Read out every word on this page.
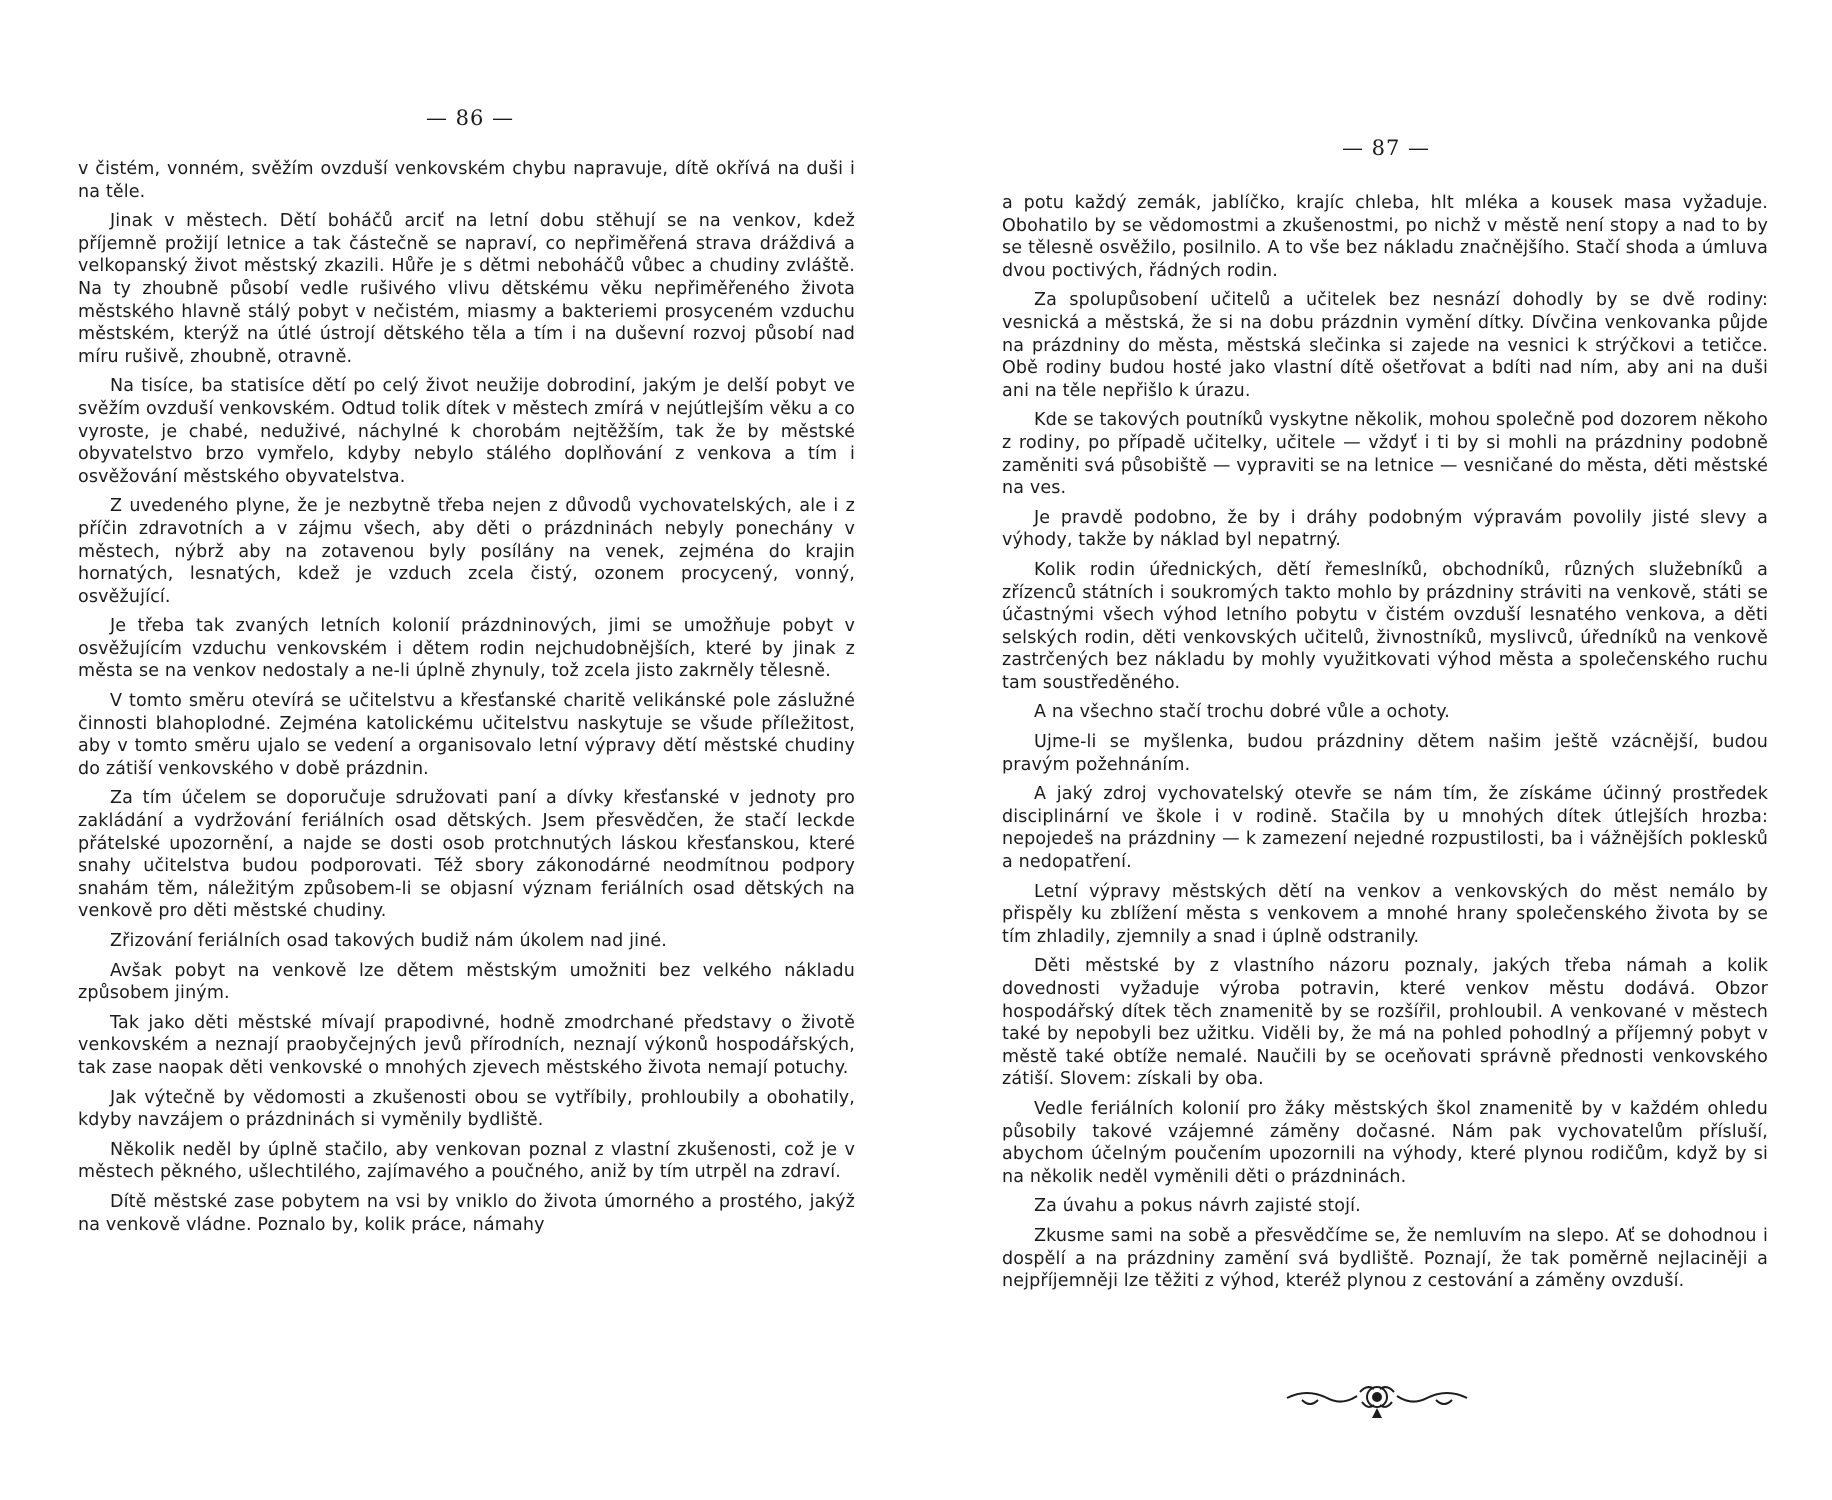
— 86 —

v čistém, vonném, svěžím ovzduší venkovském chybu napravuje, dítě okřívá na duši i na těle.

Jinak v městech. Dětí boháčů arciť na letní dobu stěhují se na venkov, kdež příjemně prožijí letnice a tak částečně se napraví, co nepřiměřená strava dráždivá a velkopanský život městský zkazili. Hůře je s dětmi neboháčů vůbec a chudiny zvláště. Na ty zhoubně působí vedle rušivého vlivu dětskému věku nepřiměřeného života městského hlavně stálý pobyt v nečistém, miasmy a bakteriemi prosyceném vzduchu městském, kterýž na útlé ústrojí dětského těla a tím i na duševní rozvoj působí nad míru rušivě, zhoubně, otravně.

Na tisíce, ba statisíce dětí po celý život neužije dobrodiní, jakým je delší pobyt ve svěžím ovzduší venkovském. Odtud tolik dítek v městech zmírá v nejútlejším věku a co vyroste, je chabé, neduživé, náchylné k chorobám nejtěžším, tak že by městské obyvatelstvo brzo vymřelo, kdyby nebylo stálého doplňování z venkova a tím i osvěžování městského obyvatelstva.

Z uvedeného plyne, že je nezbytně třeba nejen z důvodů vychovatelských, ale i z příčin zdravotních a v zájmu všech, aby děti o prázdninách nebyly ponechány v městech, nýbrž aby na zotavenou byly posílány na venek, zejména do krajin hornatých, lesnatých, kdež je vzduch zcela čistý, ozonem procycený, vonný, osvěžující.

Je třeba tak zvaných letních kolonií prázdninových, jimi se umožňuje pobyt v osvěžujícím vzduchu venkovském i dětem rodin nejchudobnějších, které by jinak z města se na venkov nedostaly a ne-li úplně zhynuly, tož zcela jisto zakrněly tělesně.

V tomto směru otevírá se učitelstvu a křesťanské charitě velikánské pole záslužné činnosti blahoplodné. Zejména katolickému učitelstvu naskytuje se všude příležitost, aby v tomto směru ujalo se vedení a organisovalo letní výpravy dětí městské chudiny do zátiší venkovského v době prázdnin.

Za tím účelem se doporučuje sdružovati paní a dívky křesťanské v jednoty pro zakládání a vydržování feriálních osad dětských. Jsem přesvědčen, že stačí leckde přátelské upozornění, a najde se dosti osob protchnutých láskou křesťanskou, které snahy učitelstva budou podporovati. Též sbory zákonodárné neodmítnou podpory snahám těm, náležitým způsobem-li se objasní význam feriálních osad dětských na venkově pro děti městské chudiny.

Zřizování feriálních osad takových budiž nám úkolem nad jiné.

Avšak pobyt na venkově lze dětem městským umožniti bez velkého nákladu způsobem jiným.

Tak jako děti městské mívají prapodivné, hodně zmodrchané představy o životě venkovském a neznají praobyčejných jevů přírodních, neznají výkonů hospodářských, tak zase naopak děti venkovské o mnohých zjevech městského života nemají potuchy.

Jak výtečně by vědomosti a zkušenosti obou se vytříbily, prohloubily a obohatily, kdyby navzájem o prázdninách si vyměnily bydliště.

Několik neděl by úplně stačilo, aby venkovan poznal z vlastní zkušenosti, což je v městech pěkného, ušlechtilého, zajímavého a poučného, aniž by tím utrpěl na zdraví.

Dítě městské zase pobytem na vsi by vniklo do života úmorného a prostého, jakýž na venkově vládne. Poznalo by, kolik práce, námahy

— 87 —

a potu každý zemák, jablíčko, krajíc chleba, hlt mléka a kousek masa vyžaduje. Obohatilo by se vědomostmi a zkušenostmi, po nichž v městě není stopy a nad to by se tělesně osvěžilo, posilnilo. A to vše bez nákladu značnějšího. Stačí shoda a úmluva dvou poctivých, řádných rodin.

Za spolupůsobení učitelů a učitelek bez nesnází dohodly by se dvě rodiny: vesnická a městská, že si na dobu prázdnin vymění dítky. Dívčina venkovanka půjde na prázdniny do města, městská slečinka si zajede na vesnici k strýčkovi a tetičce. Obě rodiny budou hosté jako vlastní dítě ošetřovat a bdíti nad ním, aby ani na duši ani na těle nepřišlo k úrazu.

Kde se takových poutníků vyskytne několik, mohou společně pod dozorem někoho z rodiny, po případě učitelky, učitele — vždyť i ti by si mohli na prázdniny podobně zaměniti svá působiště — vypraviti se na letnice — vesničané do města, děti městské na ves.

Je pravdě podobno, že by i dráhy podobným výpravám povolily jisté slevy a výhody, takže by náklad byl nepatrný.

Kolik rodin úřednických, dětí řemeslníků, obchodníků, různých služebníků a zřízenců státních i soukromých takto mohlo by prázdniny stráviti na venkově, státi se účastnými všech výhod letního pobytu v čistém ovzduší lesnatého venkova, a děti selských rodin, děti venkovských učitelů, živnostníků, myslivců, úředníků na venkově zastrčených bez nákladu by mohly využitkovati výhod města a společenského ruchu tam soustředěného.

A na všechno stačí trochu dobré vůle a ochoty.

Ujme-li se myšlenka, budou prázdniny dětem našim ještě vzácnější, budou pravým požehnáním.

A jaký zdroj vychovatelský otevře se nám tím, že získáme účinný prostředek disciplinární ve škole i v rodině. Stačila by u mnohých dítek útlejších hrozba: nepojedeš na prázdniny — k zamezení nejedné rozpustilosti, ba i vážnějších poklesků a nedopatření.

Letní výpravy městských dětí na venkov a venkovských do měst nemálo by přispěly ku zblížení města s venkovem a mnohé hrany společenského života by se tím zhladily, zjemnily a snad i úplně odstranily.

Děti městské by z vlastního názoru poznaly, jakých třeba námah a kolik dovednosti vyžaduje výroba potravin, které venkov městu dodává. Obzor hospodářský dítek těch znamenitě by se rozšířil, prohloubil. A venkované v městech také by nepobyli bez užitku. Viděli by, že má na pohled pohodlný a příjemný pobyt v městě také obtíže nemalé. Naučili by se oceňovati správně přednosti venkovského zátiší. Slovem: získali by oba.

Vedle feriálních kolonií pro žáky městských škol znamenitě by v každém ohledu působily takové vzájemné záměny dočasné. Nám pak vychovatelům přísluší, abychom účelným poučením upozornili na výhody, které plynou rodičům, když by si na několik neděl vyměnili děti o prázdninách.

Za úvahu a pokus návrh zajisté stojí.

Zkusme sami na sobě a přesvědčíme se, že nemluvím na slepo. Ať se dohodnou i dospělí a na prázdniny zamění svá bydliště. Poznají, že tak poměrně nejlaciněji a nejpříjemněji lze těžiti z výhod, kteréž plynou z cestování a záměny ovzduší.
